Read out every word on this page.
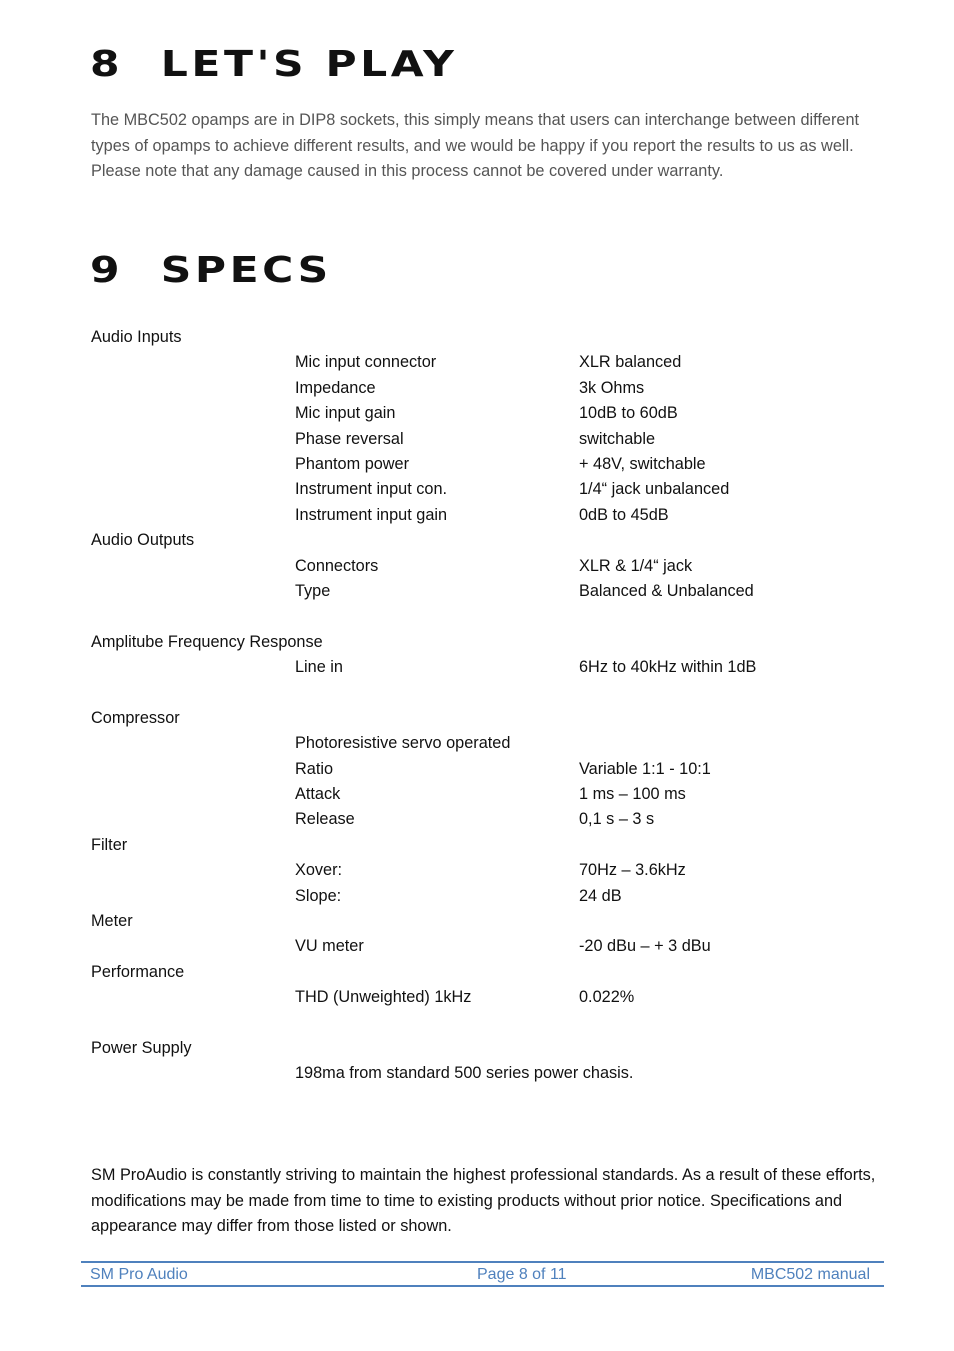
8 LET'S PLAY

The MBC502 opamps are in DIP8 sockets, this simply means that users can interchange between different types of opamps to achieve different results, and we would be happy if you report the results to us as well. Please note that any damage caused in this process cannot be covered under warranty.

9 SPECS
Audio Inputs
Mic input connector	XLR balanced
Impedance	3k Ohms
Mic input gain	10dB to 60dB
Phase reversal	switchable
Phantom power	+ 48V, switchable
Instrument input con.	1/4“ jack unbalanced
Instrument input gain	0dB to 45dB
Audio Outputs
Connectors	XLR & 1/4“ jack
Type	Balanced & Unbalanced
Amplitube Frequency Response
Line in	6Hz to 40kHz within 1dB
Compressor
Photoresistive servo operated
Ratio	Variable 1:1 - 10:1
Attack	1 ms – 100 ms
Release	0,1 s – 3 s
Filter
Xover:	70Hz – 3.6kHz
Slope:	24 dB
Meter
VU meter	-20 dBu – + 3 dBu
Performance
THD (Unweighted) 1kHz	0.022%
Power Supply
198ma from standard 500 series power chasis.

SM ProAudio is constantly striving to maintain the highest professional standards. As a result of these efforts, modifications may be made from time to time to existing products without prior notice. Specifications and appearance may differ from those listed or shown.

SM Pro Audio	Page 8 of 11	MBC502 manual
